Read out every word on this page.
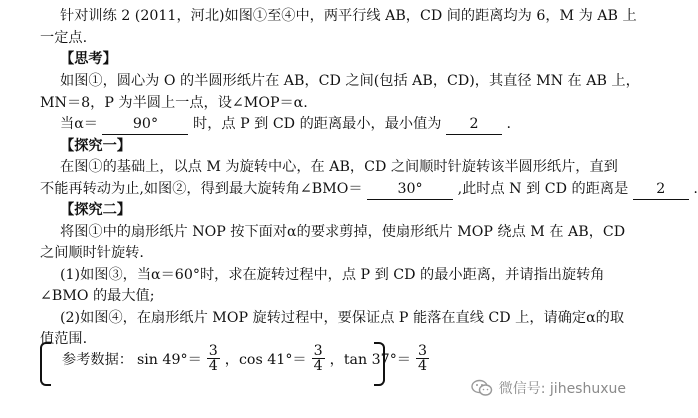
针对训练 2 (2011，河北)如图①至④中，两平行线 AB，CD 间的距离均为 6，M 为 AB 上
一定点.
【思考】
如图①，圆心为 O 的半圆形纸片在 AB，CD 之间(包括 AB，CD)，其直径 MN 在 AB 上，
MN＝8，P 为半圆上一点，设∠MOP＝α.
当α＝ 90° 时，点 P 到 CD 的距离最小，最小值为 2 .
【探究一】
在图①的基础上，以点 M 为旋转中心，在 AB，CD 之间顺时针旋转该半圆形纸片，直到
不能再转动为止,如图②，得到最大旋转角∠BMO＝ 30° ,此时点 N 到 CD 的距离是 2 .
【探究二】
将图①中的扇形纸片 NOP 按下面对α的要求剪掉，使扇形纸片 MOP 绕点 M 在 AB，CD
之间顺时针旋转.
(1)如图③，当α＝60°时，求在旋转过程中，点 P 到 CD 的最小距离，并请指出旋转角
∠BMO 的最大值;
(2)如图④，在扇形纸片 MOP 旋转过程中，要保证点 P 能落在直线 CD 上，请确定α的取
值范围.
参考数据： $\sin 49^\circ= \frac{3}{4}$ ，$\cos 41^\circ= \frac{3}{4}$ ，$\tan 37^\circ= \frac{3}{4}$
微信号: jiheshuxue
